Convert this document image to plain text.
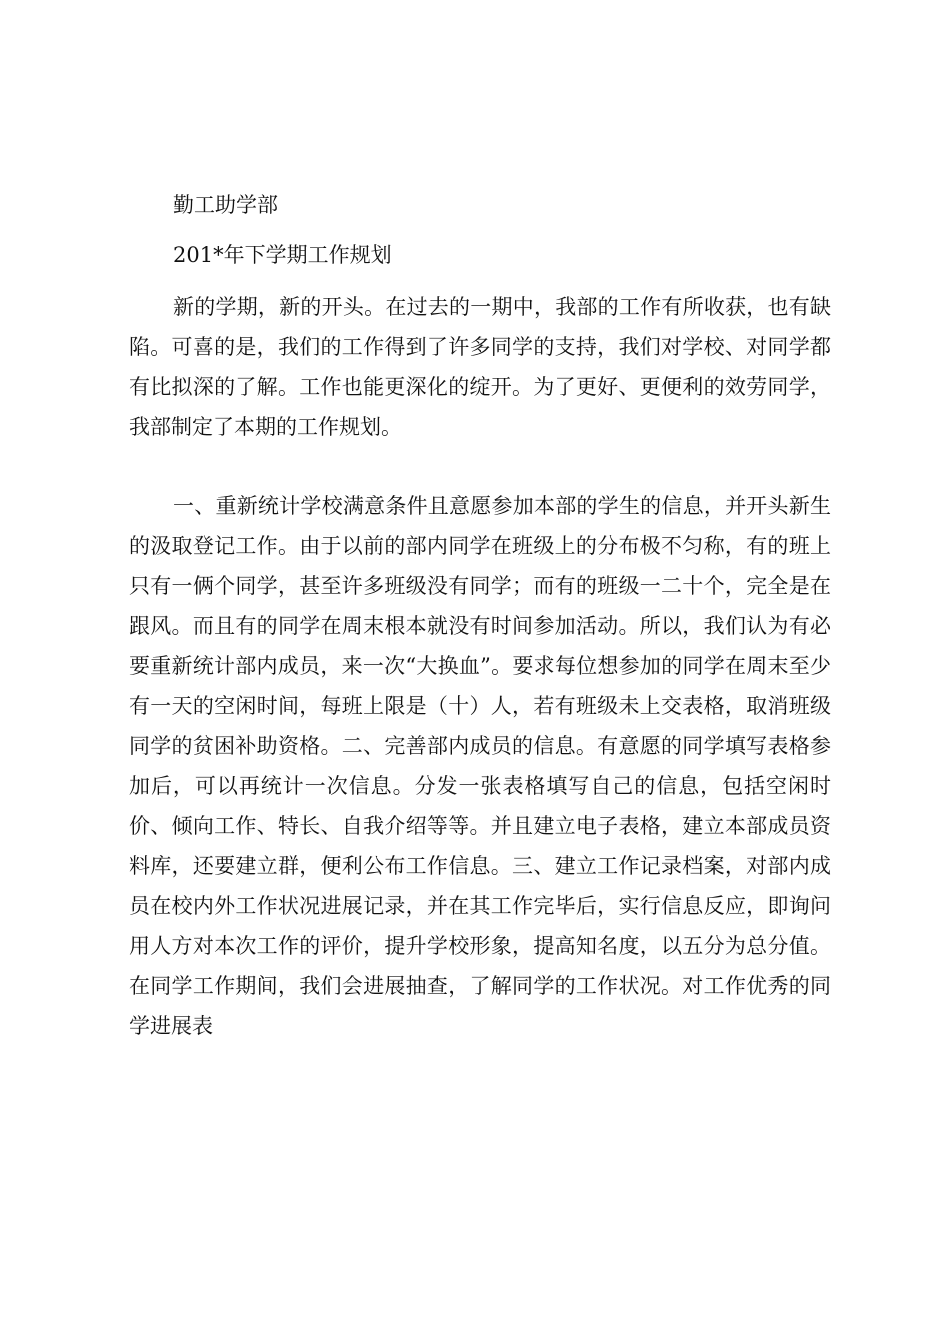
勤工助学部
201*年下学期工作规划

新的学期，新的开头。在过去的一期中，我部的工作有所收获，也有缺陷。可喜的是，我们的工作得到了许多同学的支持，我们对学校、对同学都有比拟深的了解。工作也能更深化的绽开。为了更好、更便利的效劳同学，我部制定了本期的工作规划。

一、重新统计学校满意条件且意愿参加本部的学生的信息，并开头新生的汲取登记工作。由于以前的部内同学在班级上的分布极不匀称，有的班上只有一俩个同学，甚至许多班级没有同学；而有的班级一二十个，完全是在跟风。而且有的同学在周末根本就没有时间参加活动。所以，我们认为有必要重新统计部内成员，来一次“大换血”。要求每位想参加的同学在周末至少有一天的空闲时间，每班上限是（十）人，若有班级未上交表格，取消班级同学的贫困补助资格。二、完善部内成员的信息。有意愿的同学填写表格参加后，可以再统计一次信息。分发一张表格填写自己的信息，包括空闲时价、倾向工作、特长、自我介绍等等。并且建立电子表格，建立本部成员资料库，还要建立群，便利公布工作信息。三、建立工作记录档案，对部内成员在校内外工作状况进展记录，并在其工作完毕后，实行信息反应，即询问用人方对本次工作的评价，提升学校形象，提高知名度，以五分为总分值。在同学工作期间，我们会进展抽查，了解同学的工作状况。对工作优秀的同学进展表
